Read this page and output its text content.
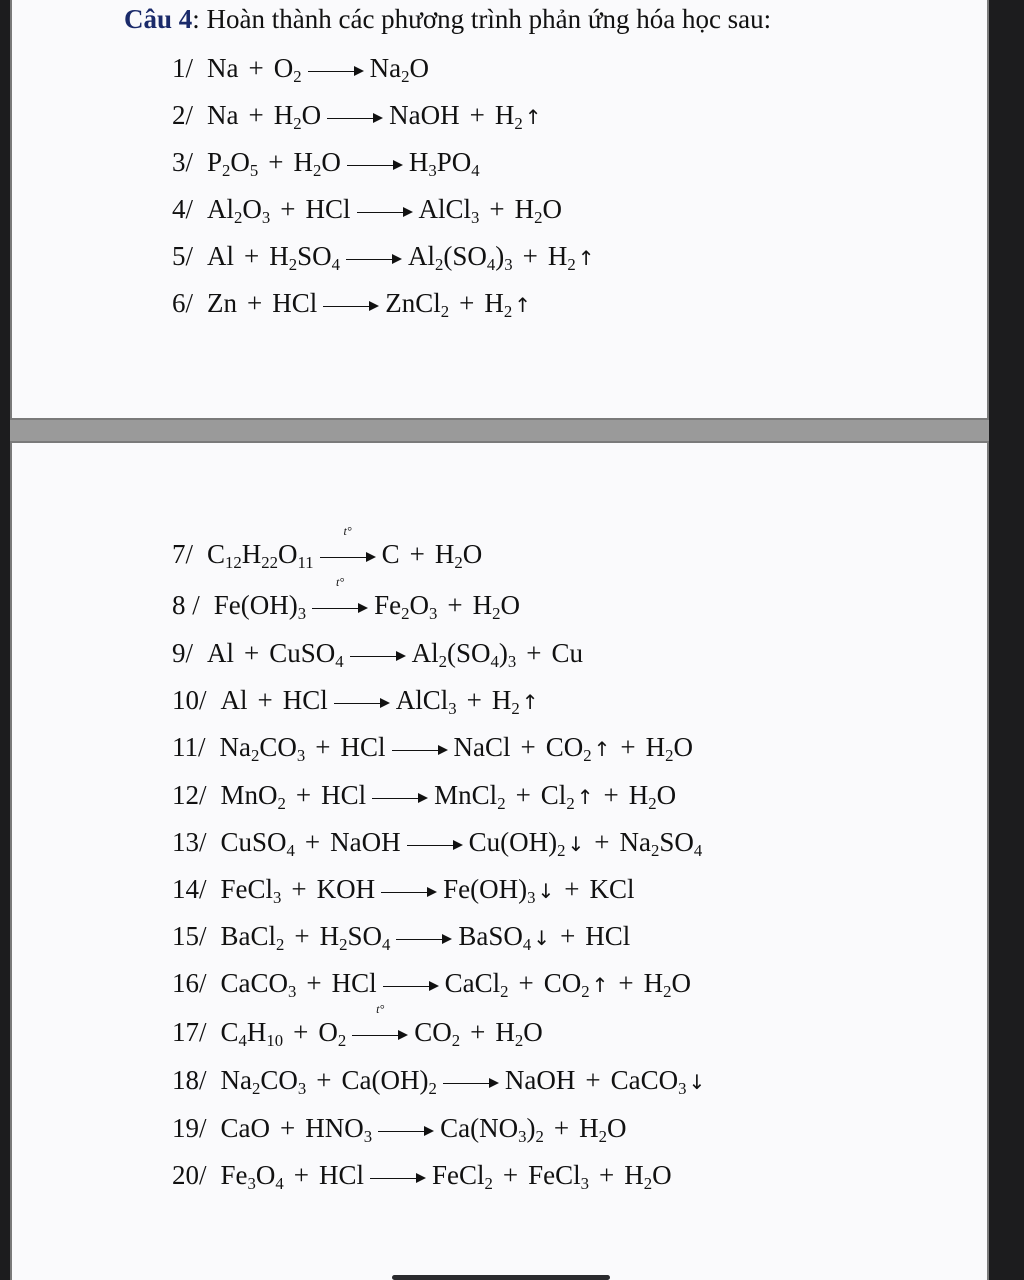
Câu 4: Hoàn thành các phương trình phản ứng hóa học sau:
1/ $Na + O_2$	$Na_2O$
2/ $Na + H_2O$	NaOH + $H_2$ ↑
3/ $P_2O_5 + H_2O$	$H_3PO_4$
4/ $Al_2O_3$ + HCl	AlCl$_3$ + $H_2O$
5/ $Al + H_2SO_4$	$Al_2(SO_4)_3 + H_2$ ↑
6/ Zn + HCl	ZnCl$_2$ + $H_2$ ↑
7/ $C_{12}H_{22}O_{11}$
t°
$C + H_2O$
$8 / Fe(OH)_3$
t°
$Fe_2O_3 + H_2O$
9/ Al + CuSO$_4$	$Al_2(SO_4)_3 + Cu$
10/ Al + HCl	AlCl$_3$ + $H_2$ ↑
11/ $Na_2CO_3$ + HCl	NaCl + $CO_2$ ↑ + $H_2O$
12/ MnO$_2$ + HCl	MnCl$_2$ + $Cl_2$ ↑ + $H_2O$
13/ CuSO$_4$ + NaOH	$Cu(OH)_2$ ↓ + $Na_2SO_4$
14/ FeCl$_3$ + KOH	$Fe(OH)_3$ ↓ + KCl
15/ BaCl$_2$ + $H_2SO_4$	BaSO$_4$ ↓ + HCl
16/ CaCO$_3$ + HCl	CaCl$_2$ + $CO_2$ ↑ + $H_2O$
17/ $C_4H_{10} + O_2$
t°
$CO_2 + H_2O$
18/ $Na_2CO_3 + Ca(OH)_2$	NaOH + CaCO$_3$ ↓
19/ CaO + $HNO_3$	$Ca(NO_3)_2 + H_2O$
20/ $Fe_3O_4$ + HCl	FeCl$_2$ + FeCl$_3$ + $H_2O$
